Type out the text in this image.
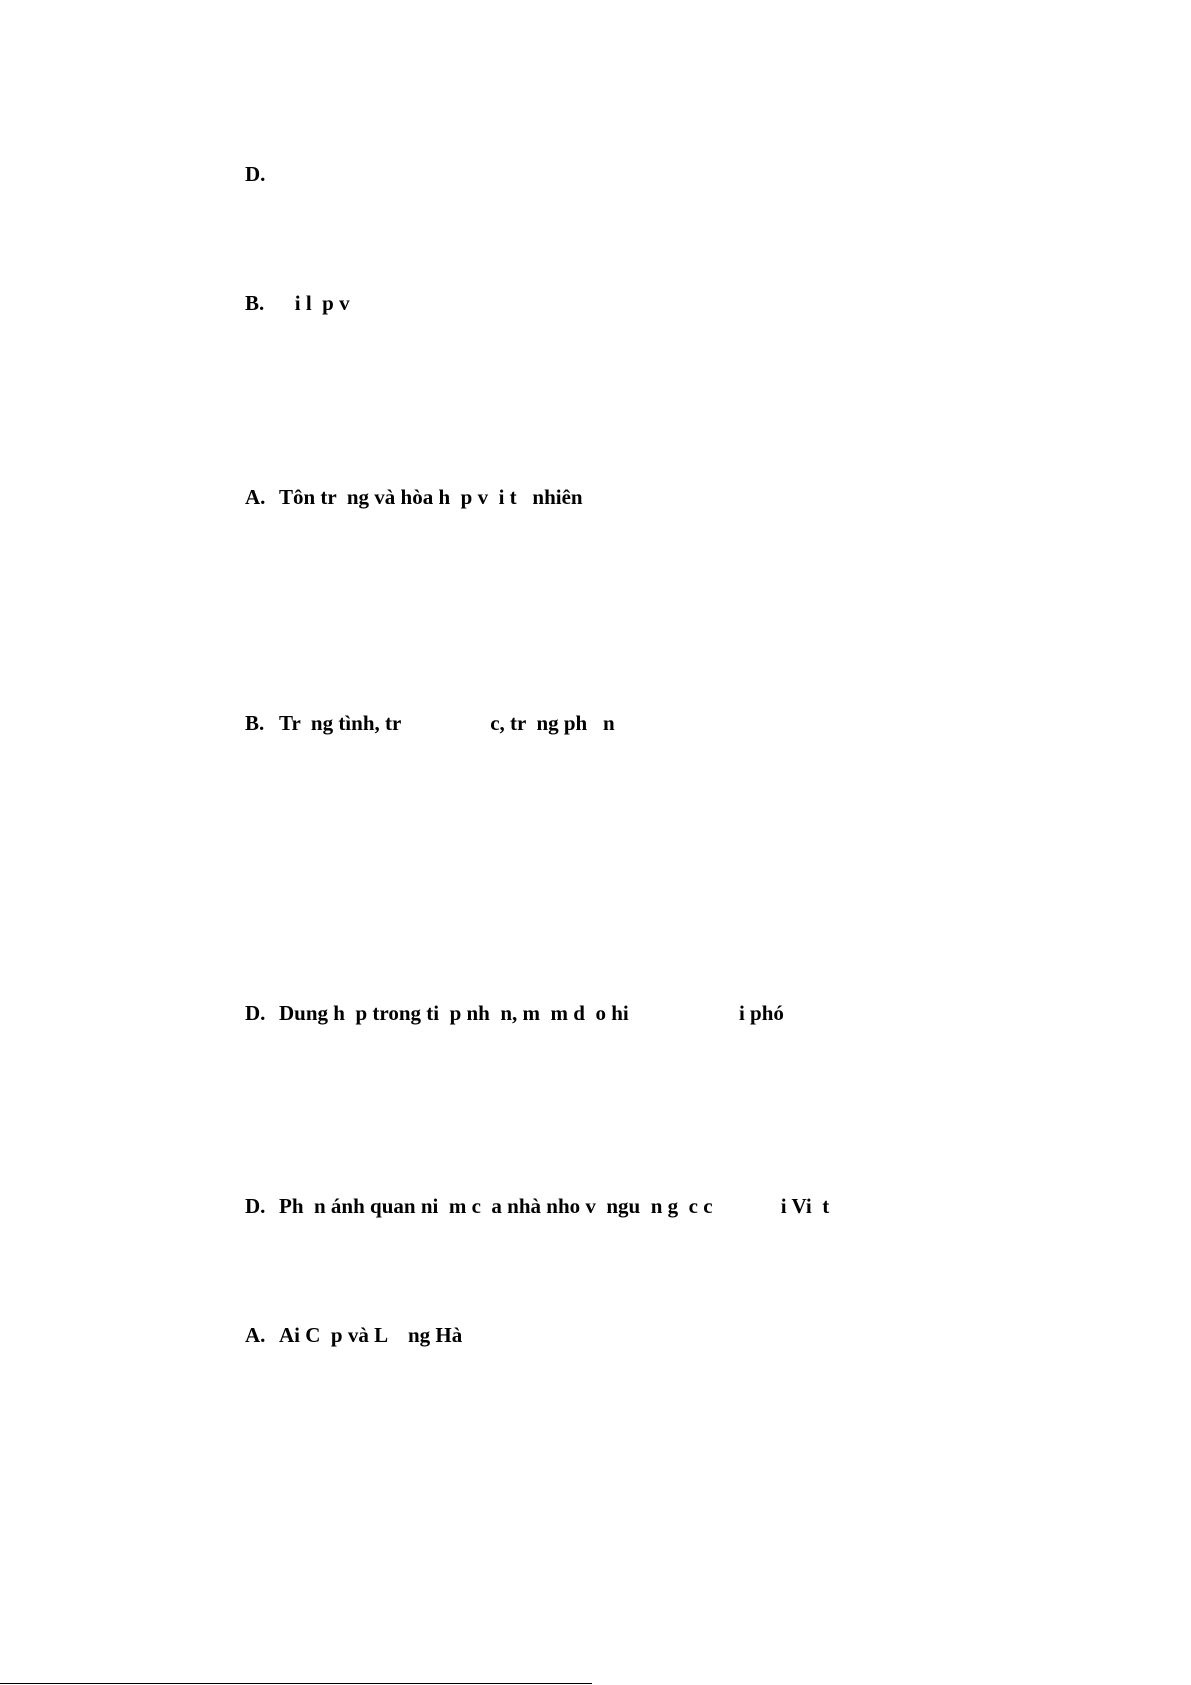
D.

B.   i l  p v

A. Tôn tr  ng và hòa h  p v  i t   nhiên

B. Tr  ng tình, tr                 c, tr  ng ph   n

D. Dung h  p trong ti  p nh  n, m  m d  o hi                     i phó

D. Ph  n ánh quan ni  m c  a nhà nho v  ngu  n g  c c             i Vi  t

A. Ai C  p và L    ng Hà
